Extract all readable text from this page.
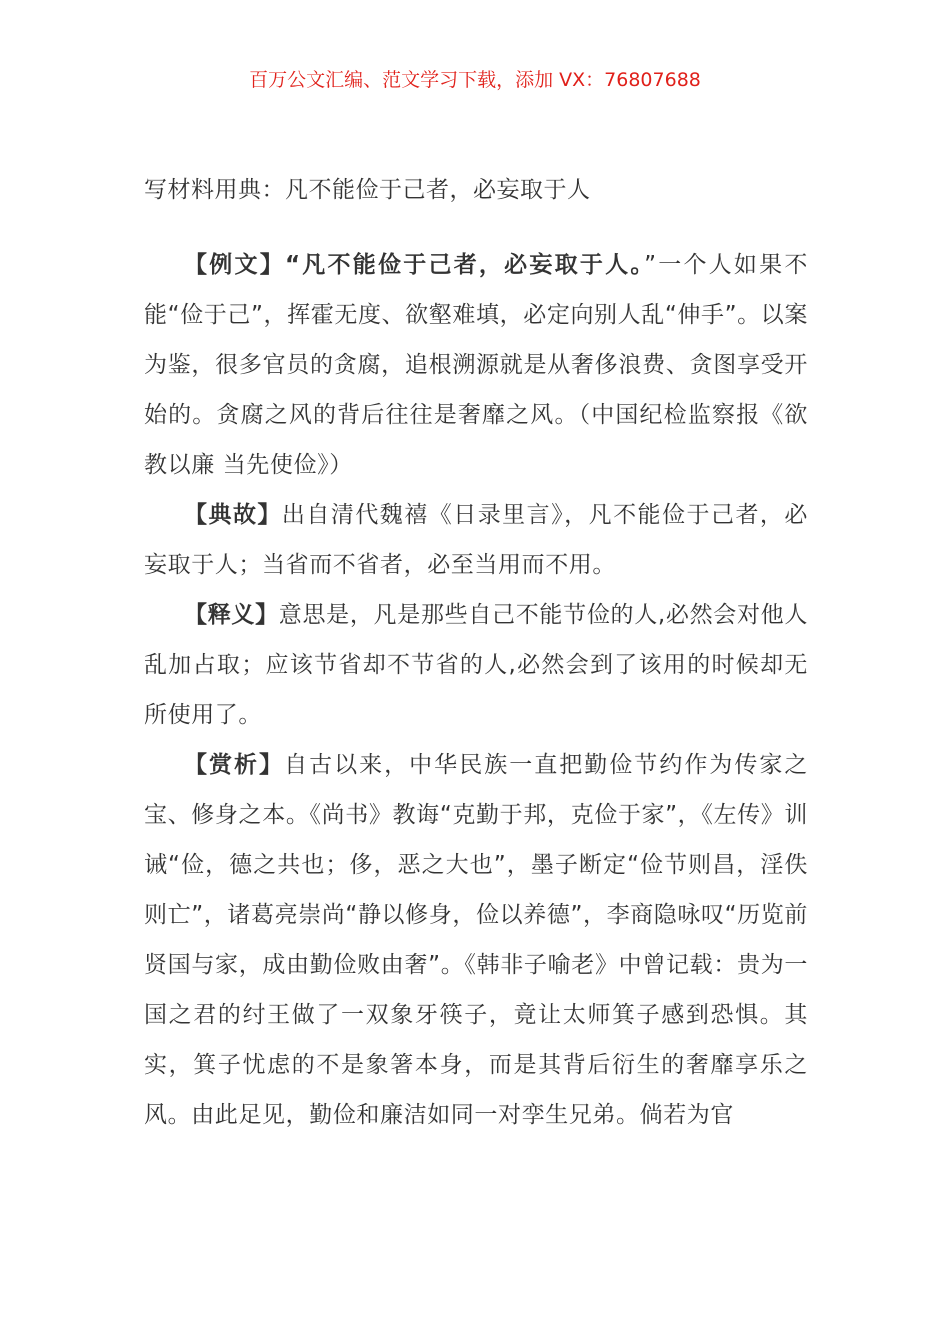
百万公文汇编、范文学习下载，添加 VX：76807688
写材料用典：凡不能俭于己者，必妄取于人

【例文】“凡不能俭于己者，必妄取于人。”一个人如果不能“俭于己”，挥霍无度、欲壑难填，必定向别人乱“伸手”。以案为鉴，很多官员的贪腐，追根溯源就是从奢侈浪费、贪图享受开始的。贪腐之风的背后往往是奢靡之风。（中国纪检监察报《欲教以廉 当先使俭》）

【典故】出自清代魏禧《日录里言》，凡不能俭于己者，必妄取于人；当省而不省者，必至当用而不用。

【释义】意思是，凡是那些自己不能节俭的人,必然会对他人乱加占取；应该节省却不节省的人,必然会到了该用的时候却无所使用了。

【赏析】自古以来，中华民族一直把勤俭节约作为传家之宝、修身之本。《尚书》教诲“克勤于邦，克俭于家”，《左传》训诫“俭，德之共也；侈，恶之大也”，墨子断定“俭节则昌，淫佚则亡”，诸葛亮崇尚“静以修身，俭以养德”，李商隐咏叹“历览前贤国与家，成由勤俭败由奢”。《韩非子喻老》中曾记载：贵为一国之君的纣王做了一双象牙筷子，竟让太师箕子感到恐惧。其实，箕子忧虑的不是象箸本身，而是其背后衍生的奢靡享乐之风。由此足见，勤俭和廉洁如同一对孪生兄弟。倘若为官
